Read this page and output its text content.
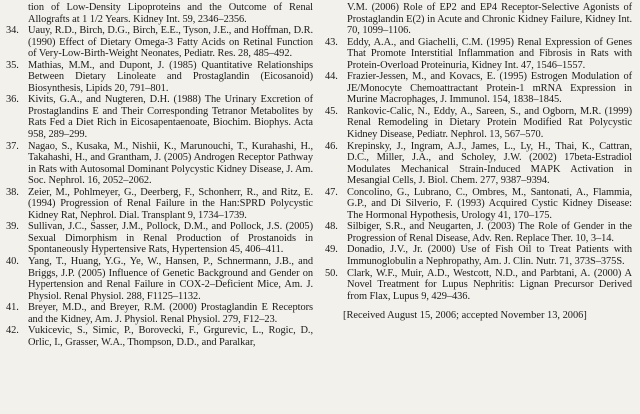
tion of Low-Density Lipoproteins and the Outcome of Renal Allografts at 1 1/2 Years. Kidney Int. 59, 2346–2356.
34. Uauy, R.D., Birch, D.G., Birch, E.E., Tyson, J.E., and Hoffman, D.R. (1990) Effect of Dietary Omega-3 Fatty Acids on Retinal Function of Very-Low-Birth-Weight Neonates, Pediatr. Res. 28, 485–492.
35. Mathias, M.M., and Dupont, J. (1985) Quantitative Relationships Between Dietary Linoleate and Prostaglandin (Eicosanoid) Biosynthesis, Lipids 20, 791–801.
36. Kivits, G.A., and Nugteren, D.H. (1988) The Urinary Excretion of Prostaglandins E and Their Corresponding Tetranor Metabolites by Rats Fed a Diet Rich in Eicosapentaenoate, Biochim. Biophys. Acta 958, 289–299.
37. Nagao, S., Kusaka, M., Nishii, K., Marunouchi, T., Kurahashi, H., Takahashi, H., and Grantham, J. (2005) Androgen Receptor Pathway in Rats with Autosomal Dominant Polycystic Kidney Disease, J. Am. Soc. Nephrol. 16, 2052–2062.
38. Zeier, M., Pohlmeyer, G., Deerberg, F., Schonherr, R., and Ritz, E. (1994) Progression of Renal Failure in the Han:SPRD Polycystic Kidney Rat, Nephrol. Dial. Transplant 9, 1734–1739.
39. Sullivan, J.C., Sasser, J.M., Pollock, D.M., and Pollock, J.S. (2005) Sexual Dimorphism in Renal Production of Prostanoids in Spontaneously Hypertensive Rats, Hypertension 45, 406–411.
40. Yang, T., Huang, Y.G., Ye, W., Hansen, P., Schnermann, J.B., and Briggs, J.P. (2005) Influence of Genetic Background and Gender on Hypertension and Renal Failure in COX-2–Deficient Mice, Am. J. Physiol. Renal Physiol. 288, F1125–1132.
41. Breyer, M.D., and Breyer, R.M. (2000) Prostaglandin E Receptors and the Kidney, Am. J. Physiol. Renal Physiol. 279, F12–23.
42. Vukicevic, S., Simic, P., Borovecki, F., Grgurevic, L., Rogic, D., Orlic, I., Grasser, W.A., Thompson, D.D., and Paralkar,
V.M. (2006) Role of EP2 and EP4 Receptor-Selective Agonists of Prostaglandin E(2) in Acute and Chronic Kidney Failure, Kidney Int. 70, 1099–1106.
43. Eddy, A.A., and Giachelli, C.M. (1995) Renal Expression of Genes That Promote Interstitial Inflammation and Fibrosis in Rats with Protein-Overload Proteinuria, Kidney Int. 47, 1546–1557.
44. Frazier-Jessen, M., and Kovacs, E. (1995) Estrogen Modulation of JE/Monocyte Chemoattractant Protein-1 mRNA Expression in Murine Macrophages, J. Immunol. 154, 1838–1845.
45. Rankovic-Calic, N., Eddy, A., Sareen, S., and Ogborn, M.R. (1999) Renal Remodeling in Dietary Protein Modified Rat Polycystic Kidney Disease, Pediatr. Nephrol. 13, 567–570.
46. Krepinsky, J., Ingram, A.J., James, L., Ly, H., Thai, K., Cattran, D.C., Miller, J.A., and Scholey, J.W. (2002) 17beta-Estradiol Modulates Mechanical Strain-Induced MAPK Activation in Mesangial Cells, J. Biol. Chem. 277, 9387–9394.
47. Concolino, G., Lubrano, C., Ombres, M., Santonati, A., Flammia, G.P., and Di Silverio, F. (1993) Acquired Cystic Kidney Disease: The Hormonal Hypothesis, Urology 41, 170–175.
48. Silbiger, S.R., and Neugarten, J. (2003) The Role of Gender in the Progression of Renal Disease, Adv. Ren. Replace Ther. 10, 3–14.
49. Donadio, J.V., Jr. (2000) Use of Fish Oil to Treat Patients with Immunoglobulin a Nephropathy, Am. J. Clin. Nutr. 71, 373S–375S.
50. Clark, W.F., Muir, A.D., Westcott, N.D., and Parbtani, A. (2000) A Novel Treatment for Lupus Nephritis: Lignan Precursor Derived from Flax, Lupus 9, 429–436.
[Received August 15, 2006; accepted November 13, 2006]
